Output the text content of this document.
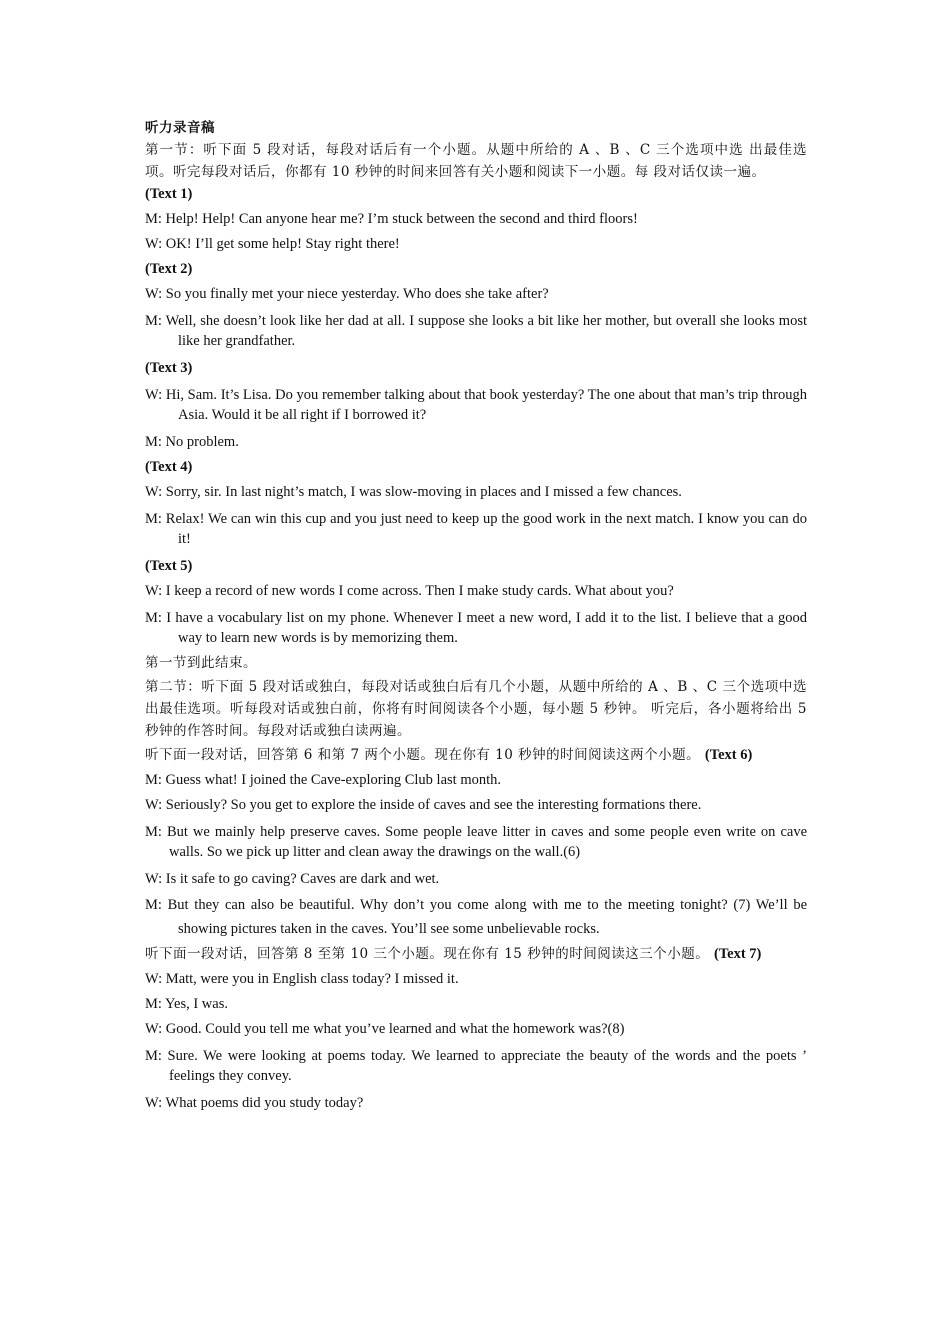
听力录音稿

第一节：听下面 5 段对话，每段对话后有一个小题。从题中所给的 A 、B 、C 三个选项中选 出最佳选项。听完每段对话后，你都有 10 秒钟的时间来回答有关小题和阅读下一小题。每 段对话仅读一遍。

(Text 1)

M: Help! Help! Can anyone hear me? I’m stuck between the second and third floors!

W: OK! I’ll get some help! Stay right there!

(Text 2)

W: So you finally met your niece yesterday. Who does she take after?

M: Well, she doesn’t look like her dad at all. I suppose she looks a bit like her mother, but overall she looks most like her grandfather.

(Text 3)

W: Hi, Sam. It’s Lisa. Do you remember talking about that book yesterday? The one about that man’s trip through Asia. Would it be all right if I borrowed it?

M: No problem.

(Text 4)

W: Sorry, sir. In last night’s match, I was slow-moving in places and I missed a few chances.

M: Relax! We can win this cup and you just need to keep up the good work in the next match. I know you can do it!

(Text 5)

W: I keep a record of new words I come across. Then I make study cards. What about you?

M: I have a vocabulary list on my phone. Whenever I meet a new word, I add it to the list. I believe that a good way to learn new words is by memorizing them.

第一节到此结束。

第二节：听下面 5 段对话或独白，每段对话或独白后有几个小题，从题中所给的 A 、B 、C 三个选项中选出最佳选项。听每段对话或独白前，你将有时间阅读各个小题，每小题 5 秒钟。 听完后，各小题将给出 5 秒钟的作答时间。每段对话或独白读两遍。

听下面一段对话，回答第 6 和第 7 两个小题。现在你有 10 秒钟的时间阅读这两个小题。 (Text 6)

M: Guess what! I joined the Cave-exploring Club last month.

W: Seriously? So you get to explore the inside of caves and see the interesting formations there.

M: But we mainly help preserve caves. Some people leave litter in caves and some people even write on cave walls. So we pick up litter and clean away the drawings on the wall.(6)

W: Is it safe to go caving? Caves are dark and wet.

M: But they can also be beautiful. Why don’t you come along with me to the meeting tonight? (7) We’ll be showing pictures taken in the caves. You’ll see some unbelievable rocks.

听下面一段对话，回答第 8 至第 10 三个小题。现在你有 15 秒钟的时间阅读这三个小题。 (Text 7)

W: Matt, were you in English class today? I missed it.

M: Yes, I was.

W: Good. Could you tell me what you’ve learned and what the homework was?(8)

M: Sure. We were looking at poems today. We learned to appreciate the beauty of the words and the poets ’ feelings they convey.

W: What poems did you study today?
